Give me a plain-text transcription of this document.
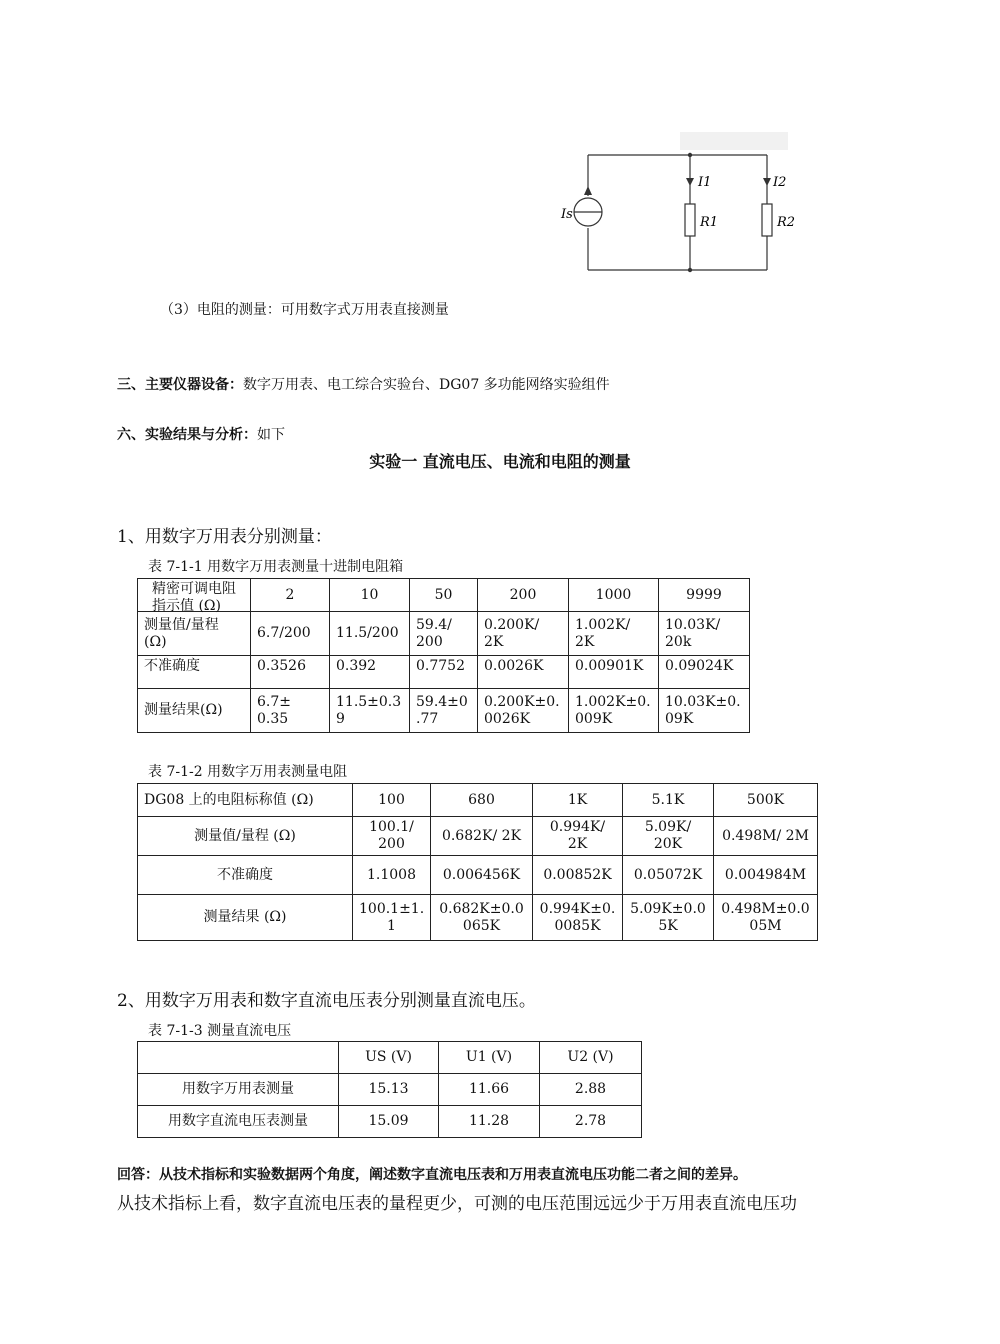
Is
I1	I2
R1	R2
（3）电阻的测量：可用数字式万用表直接测量
三、主要仪器设备：数字万用表、电工综合实验台、DG07 多功能网络实验组件
六、实验结果与分析：如下
实验一 直流电压、电流和电阻的测量
1、用数字万用表分别测量：
表 7-1-1 用数字万用表测量十进制电阻箱
精密可调电阻指示值 (Ω)	2	10	50	200	1000	9999
测量值/量程 (Ω)	6.7/200	11.5/200	59.4/ 200	0.200K/ 2K	1.002K/ 2K	10.03K/ 20k
不准确度	0.3526	0.392	0.7752	0.0026K	0.00901K	0.09024K
测量结果(Ω)	6.7± 0.35	11.5±0.3 9	59.4±0 .77	0.200K±0. 0026K	1.002K±0. 009K	10.03K±0. 09K
表 7-1-2 用数字万用表测量电阻
DG08 上的电阻标称值 (Ω)	100	680	1K	5.1K	500K
测量值/量程 (Ω)	100.1/ 200	0.682K/ 2K	0.994K/ 2K	5.09K/ 20K	0.498M/ 2M
不准确度	1.1008	0.006456K	0.00852K	0.05072K	0.004984M
测量结果 (Ω)	100.1±1. 1	0.682K±0.0 065K	0.994K±0. 0085K	5.09K±0.0 5K	0.498M±0.0 05M
2、用数字万用表和数字直流电压表分别测量直流电压。
表 7-1-3 测量直流电压
	US (V)	U1 (V)	U2 (V)
用数字万用表测量	15.13	11.66	2.88
用数字直流电压表测量	15.09	11.28	2.78
回答：从技术指标和实验数据两个角度，阐述数字直流电压表和万用表直流电压功能二者之间的差异。
从技术指标上看，数字直流电压表的量程更少，可测的电压范围远远少于万用表直流电压功
